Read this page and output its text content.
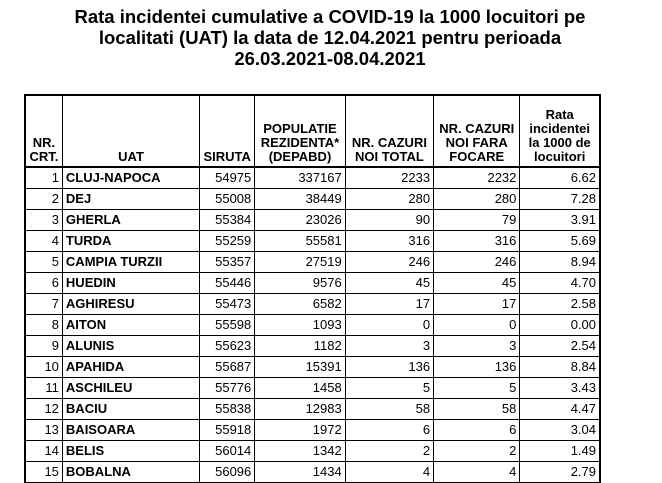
Rata incidentei cumulative a COVID-19 la 1000 locuitori pe
localitati (UAT) la data de 12.04.2021 pentru perioada
26.03.2021-08.04.2021
NR. CRT.	UAT	SIRUTA	POPULATIE REZIDENTA* (DEPABD)	NR. CAZURI NOI TOTAL	NR. CAZURI NOI FARA FOCARE	Rata incidentei la 1000 de locuitori
1	CLUJ-NAPOCA	54975	337167	2233	2232	6.62
2	DEJ	55008	38449	280	280	7.28
3	GHERLA	55384	23026	90	79	3.91
4	TURDA	55259	55581	316	316	5.69
5	CAMPIA TURZII	55357	27519	246	246	8.94
6	HUEDIN	55446	9576	45	45	4.70
7	AGHIRESU	55473	6582	17	17	2.58
8	AITON	55598	1093	0	0	0.00
9	ALUNIS	55623	1182	3	3	2.54
10	APAHIDA	55687	15391	136	136	8.84
11	ASCHILEU	55776	1458	5	5	3.43
12	BACIU	55838	12983	58	58	4.47
13	BAISOARA	55918	1972	6	6	3.04
14	BELIS	56014	1342	2	2	1.49
15	BOBALNA	56096	1434	4	4	2.79
